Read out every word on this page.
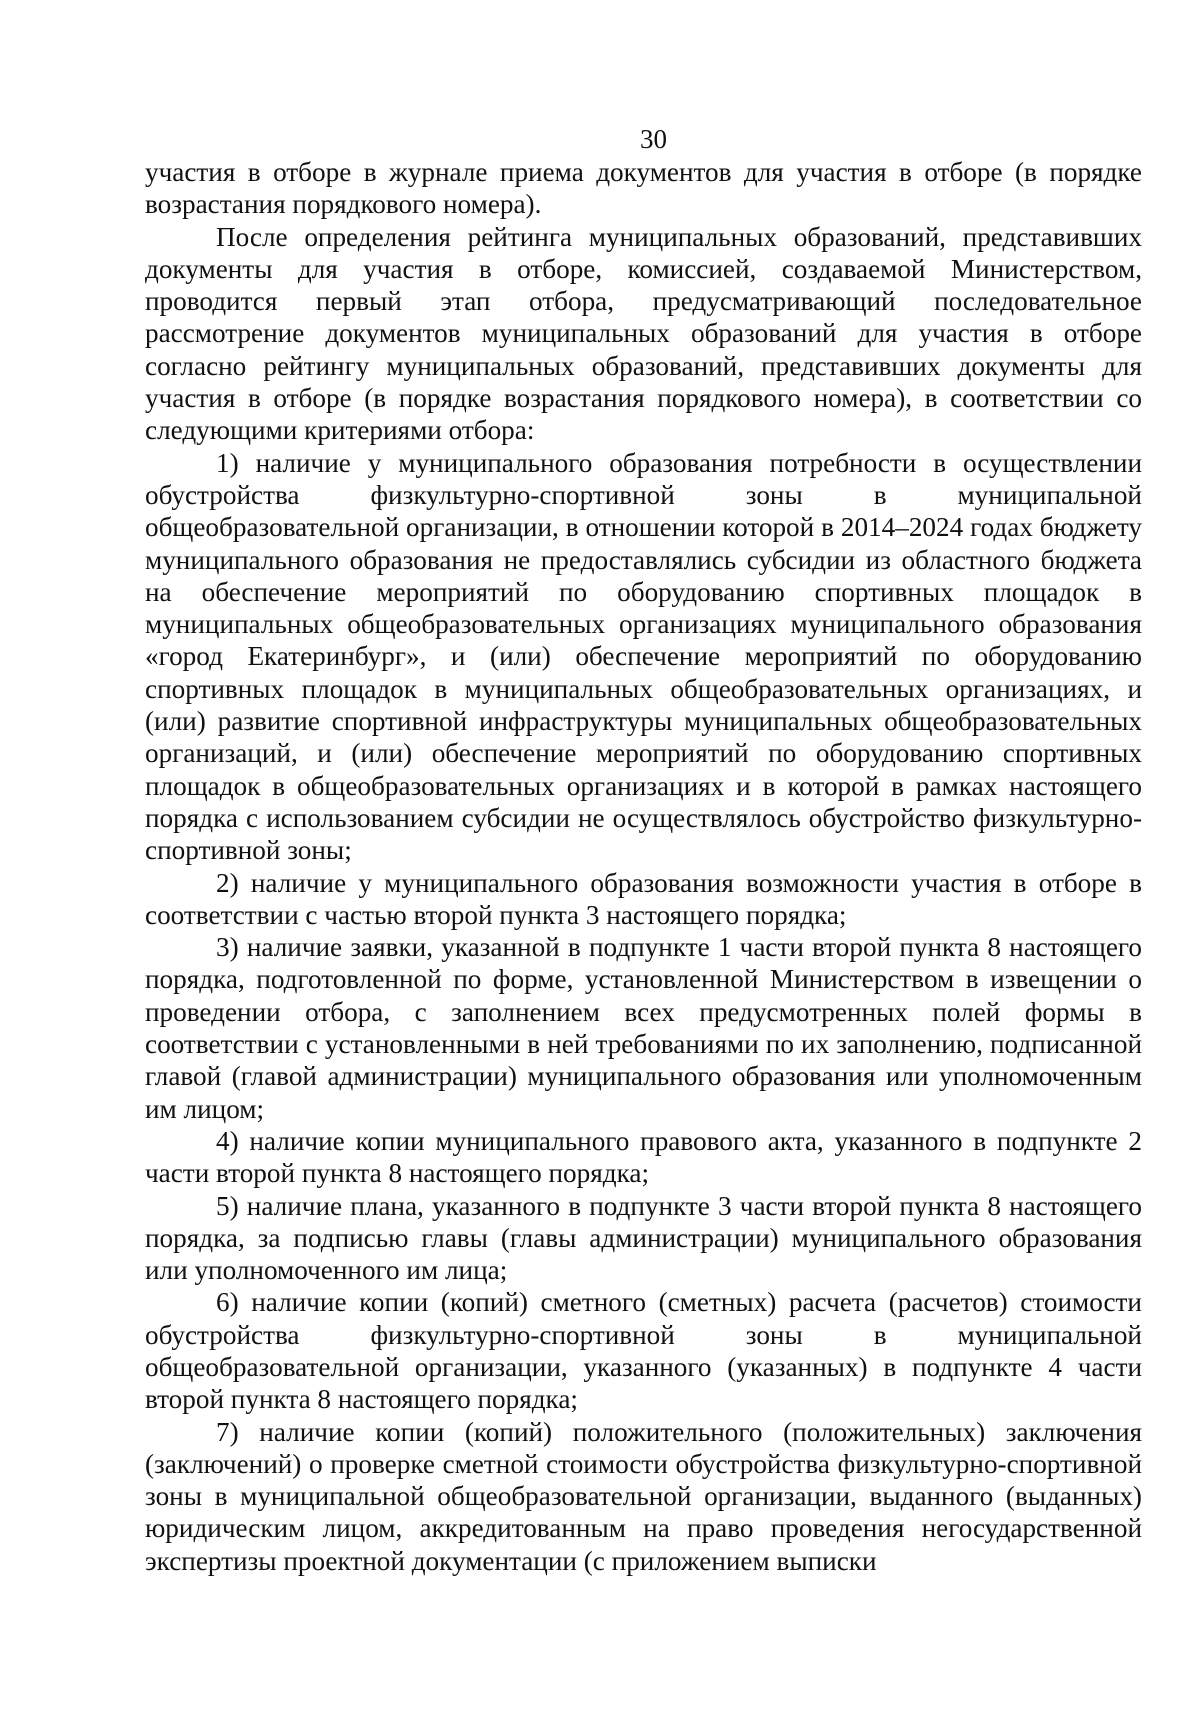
30

участия в отборе в журнале приема документов для участия в отборе (в порядке возрастания порядкового номера).

После определения рейтинга муниципальных образований, представивших документы для участия в отборе, комиссией, создаваемой Министерством, проводится первый этап отбора, предусматривающий последовательное рассмотрение документов муниципальных образований для участия в отборе согласно рейтингу муниципальных образований, представивших документы для участия в отборе (в порядке возрастания порядкового номера), в соответствии со следующими критериями отбора:

1) наличие у муниципального образования потребности в осуществлении обустройства физкультурно-спортивной зоны в муниципальной общеобразовательной организации, в отношении которой в 2014–2024 годах бюджету муниципального образования не предоставлялись субсидии из областного бюджета на обеспечение мероприятий по оборудованию спортивных площадок в муниципальных общеобразовательных организациях муниципального образования «город Екатеринбург», и (или) обеспечение мероприятий по оборудованию спортивных площадок в муниципальных общеобразовательных организациях, и (или) развитие спортивной инфраструктуры муниципальных общеобразовательных организаций, и (или) обеспечение мероприятий по оборудованию спортивных площадок в общеобразовательных организациях и в которой в рамках настоящего порядка с использованием субсидии не осуществлялось обустройство физкультурно-спортивной зоны;

2) наличие у муниципального образования возможности участия в отборе в соответствии с частью второй пункта 3 настоящего порядка;

3) наличие заявки, указанной в подпункте 1 части второй пункта 8 настоящего порядка, подготовленной по форме, установленной Министерством в извещении о проведении отбора, с заполнением всех предусмотренных полей формы в соответствии с установленными в ней требованиями по их заполнению, подписанной главой (главой администрации) муниципального образования или уполномоченным им лицом;

4) наличие копии муниципального правового акта, указанного в подпункте 2 части второй пункта 8 настоящего порядка;

5) наличие плана, указанного в подпункте 3 части второй пункта 8 настоящего порядка, за подписью главы (главы администрации) муниципального образования или уполномоченного им лица;

6) наличие копии (копий) сметного (сметных) расчета (расчетов) стоимости обустройства физкультурно-спортивной зоны в муниципальной общеобразовательной организации, указанного (указанных) в подпункте 4 части второй пункта 8 настоящего порядка;

7) наличие копии (копий) положительного (положительных) заключения (заключений) о проверке сметной стоимости обустройства физкультурно-спортивной зоны в муниципальной общеобразовательной организации, выданного (выданных) юридическим лицом, аккредитованным на право проведения негосударственной экспертизы проектной документации (с приложением выписки
